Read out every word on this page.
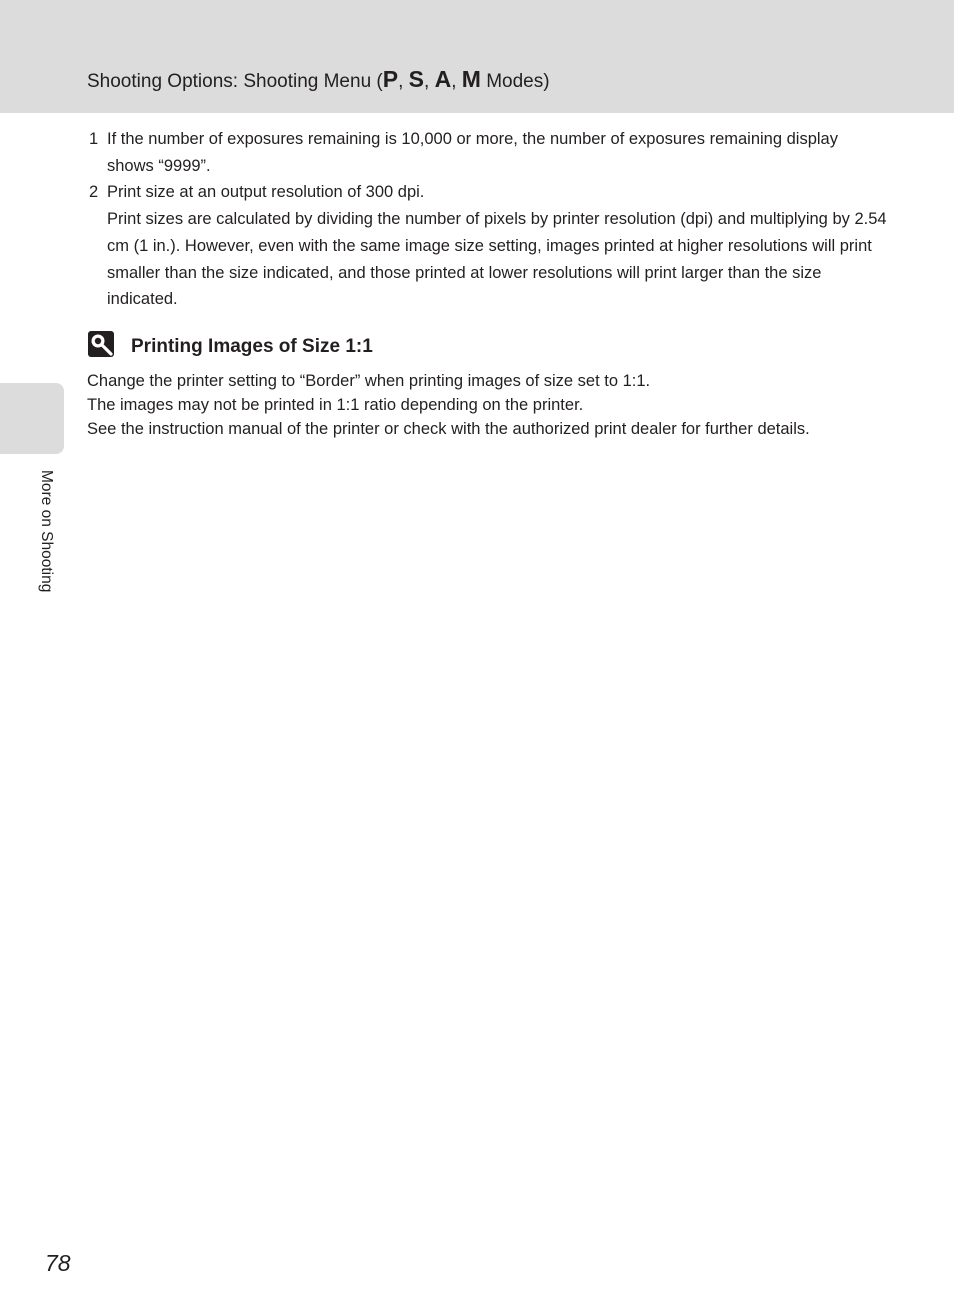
Shooting Options: Shooting Menu (P, S, A, M Modes)
1 If the number of exposures remaining is 10,000 or more, the number of exposures remaining display shows “9999”.
2 Print size at an output resolution of 300 dpi.
Print sizes are calculated by dividing the number of pixels by printer resolution (dpi) and multiplying by 2.54 cm (1 in.). However, even with the same image size setting, images printed at higher resolutions will print smaller than the size indicated, and those printed at lower resolutions will print larger than the size indicated.
Printing Images of Size 1:1
Change the printer setting to “Border” when printing images of size set to 1:1.
The images may not be printed in 1:1 ratio depending on the printer.
See the instruction manual of the printer or check with the authorized print dealer for further details.
More on Shooting
78
